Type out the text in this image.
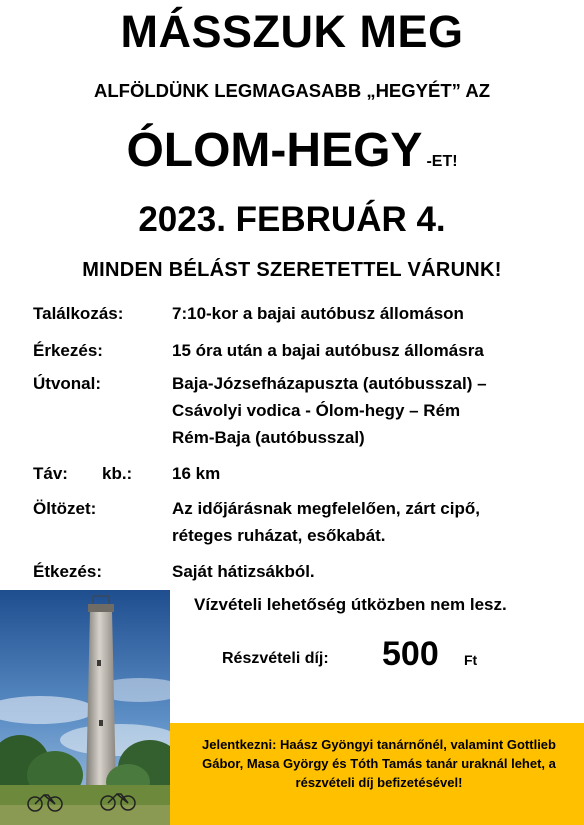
MÁSSZUK MEG
ALFÖLDÜNK LEGMAGASABB „HEGYÉT” AZ
ÓLOM-HEGY -ET!
2023. FEBRUÁR 4.
MINDEN BÉLÁST SZERETETTEL VÁRUNK!
Találkozás:	7:10-kor a bajai autóbusz állomáson
Érkezés:	15 óra után a bajai autóbusz állomásra
Útvonal:	Baja-Józsefházapuszta (autóbusszal) –
Csávolyi vodica - Ólom-hegy – Rém
Rém-Baja (autóbusszal)
Táv: kb.: 16 km
Öltözet:	Az időjárásnak megfelelően, zárt cipő,
réteges ruházat, esőkabát.
Étkezés:	Saját hátizsákból.
Vízvételi lehetőség útközben nem lesz.
Részvételi díj: 500 Ft
Jelentkezni: Haász Gyöngyi tanárnőnél, valamint Gottlieb Gábor, Masa György és Tóth Tamás tanár uraknál lehet, a részvételi díj befizetésével!
